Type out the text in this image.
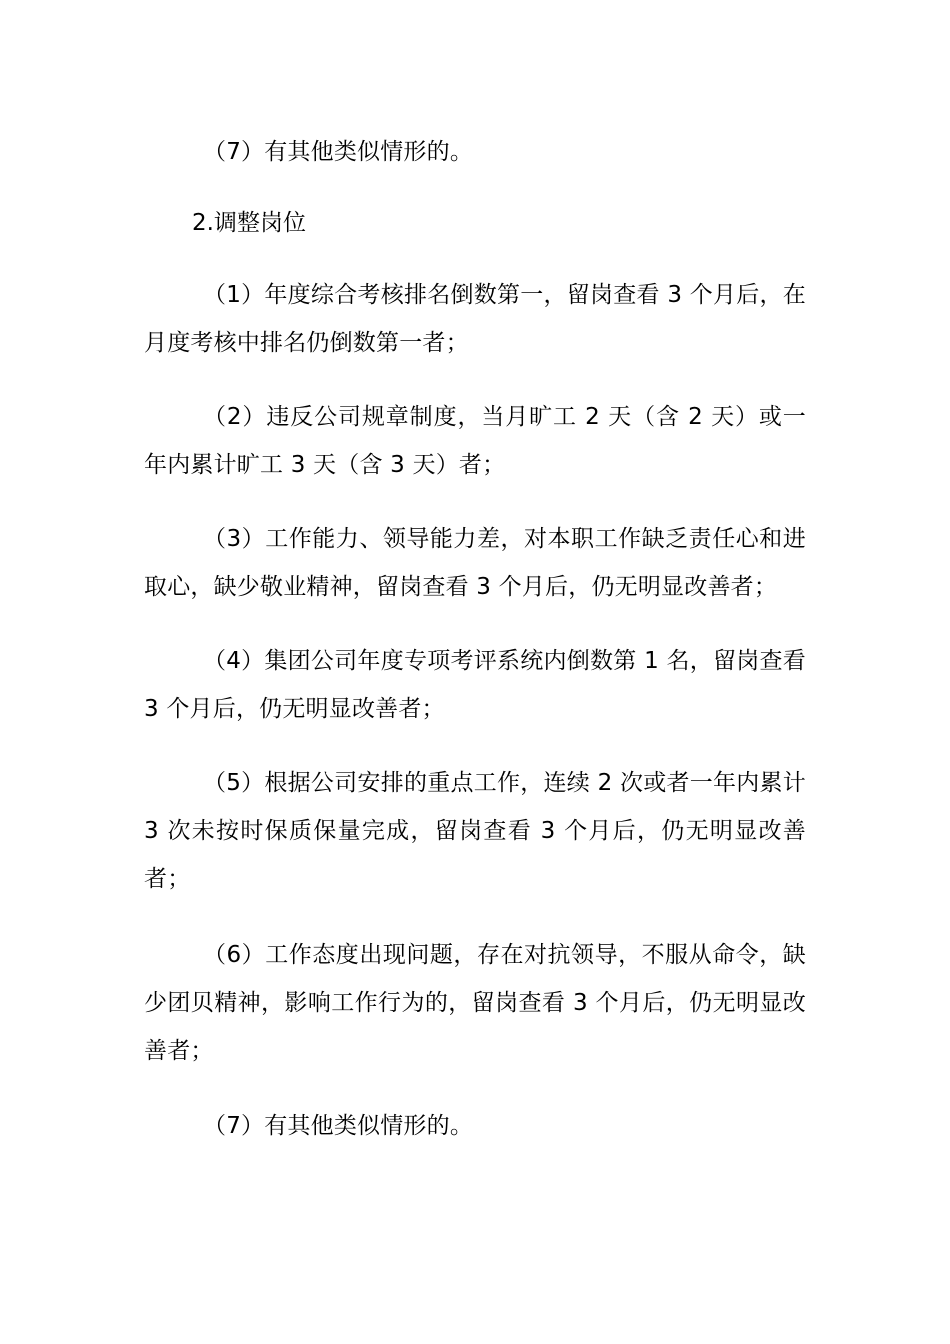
（7）有其他类似情形的。

2.调整岗位

（1）年度综合考核排名倒数第一，留岗查看 3 个月后，在月度考核中排名仍倒数第一者；

（2）违反公司规章制度，当月旷工 2 天（含 2 天）或一年内累计旷工 3 天（含 3 天）者；

（3）工作能力、领导能力差，对本职工作缺乏责任心和进取心，缺少敬业精神，留岗查看 3 个月后，仍无明显改善者；

（4）集团公司年度专项考评系统内倒数第 1 名，留岗查看 3 个月后，仍无明显改善者；

（5）根据公司安排的重点工作，连续 2 次或者一年内累计 3 次未按时保质保量完成，留岗查看 3 个月后，仍无明显改善者；

（6）工作态度出现问题，存在对抗领导，不服从命令，缺少团贝精神，影响工作行为的，留岗查看 3 个月后，仍无明显改善者；

（7）有其他类似情形的。
